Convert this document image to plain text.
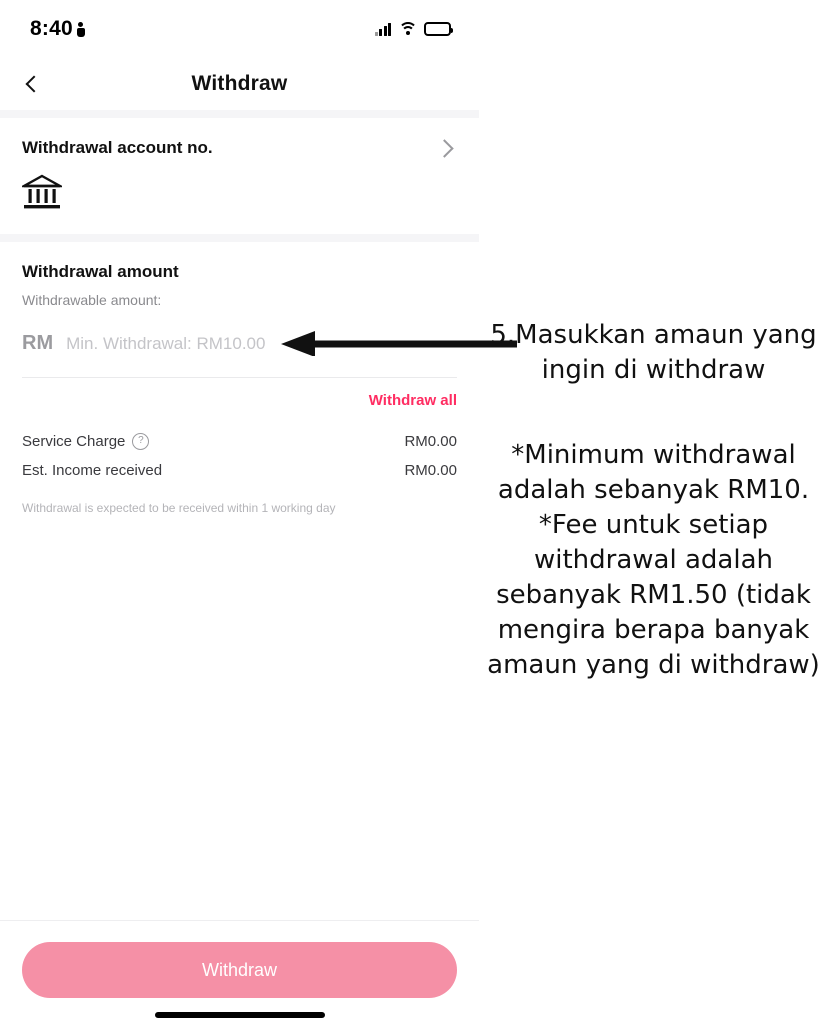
8:40	31
Withdraw
Withdrawal account no.
Withdrawal amount
Withdrawable amount:
RM Min. Withdrawal: RM10.00
Withdraw all
Service Charge	?	RM0.00
Est. Income received	RM0.00
Withdrawal is expected to be received within 1 working day
Withdraw
5.Masukkan amaun yang ingin di withdraw
*Minimum withdrawal adalah sebanyak RM10. *Fee untuk setiap withdrawal adalah sebanyak RM1.50 (tidak mengira berapa banyak amaun yang di withdraw)
